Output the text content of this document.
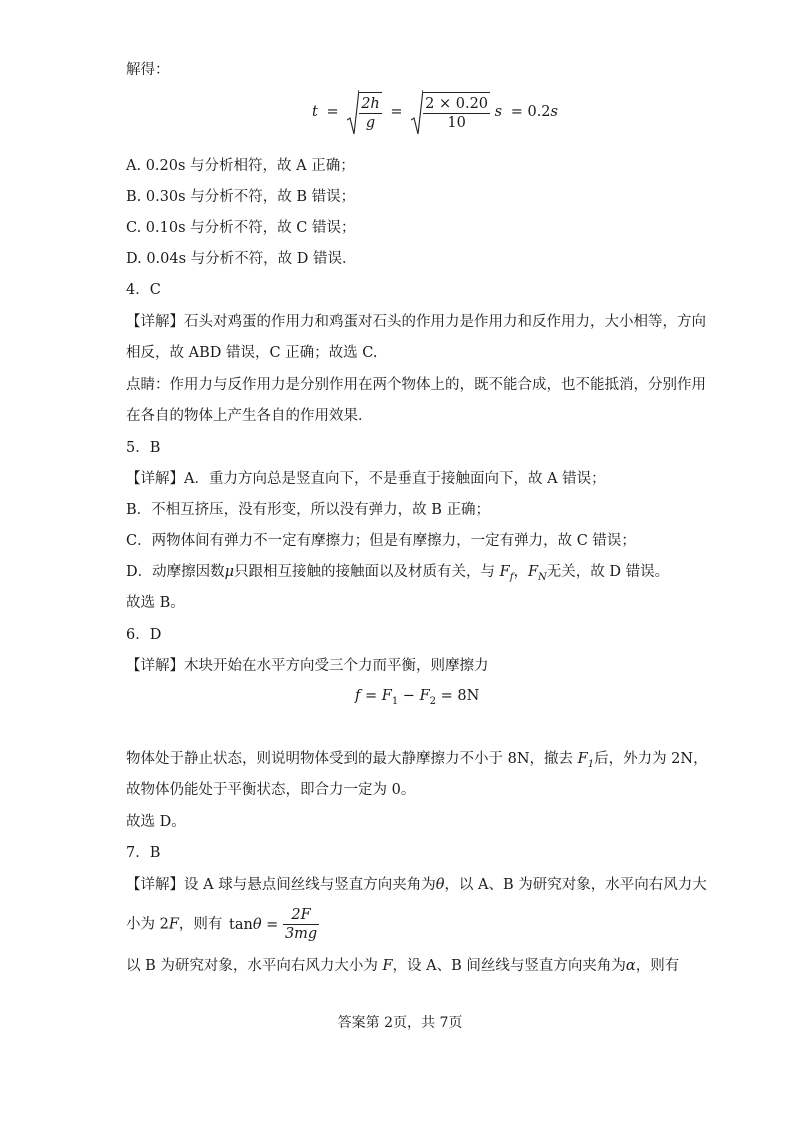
解得：
$t = \frac{2h}{g} = \frac{2 \times 0.20}{10}$ s = 0.2s
A. 0.20s 与分析相符，故 A 正确；
B. 0.30s 与分析不符，故 B 错误；
C. 0.10s 与分析不符，故 C 错误；
D. 0.04s 与分析不符，故 D 错误．
4．C
【详解】石头对鸡蛋的作用力和鸡蛋对石头的作用力是作用力和反作用力，大小相等，方向
相反，故 ABD 错误，C 正确；故选 C.
点睛：作用力与反作用力是分别作用在两个物体上的，既不能合成，也不能抵消，分别作用
在各自的物体上产生各自的作用效果．
5．B
【详解】A．重力方向总是竖直向下，不是垂直于接触面向下，故 A 错误；
B．不相互挤压，没有形变，所以没有弹力，故 B 正确；
C．两物体间有弹力不一定有摩擦力；但是有摩擦力，一定有弹力，故 C 错误；
D．动摩擦因数μ只跟相互接触的接触面以及材质有关，与 $F_f$，$F_N$无关，故 D 错误。
故选 B。
6．D
【详解】木块开始在水平方向受三个力而平衡，则摩擦力
$f = F_1 - F_2 = 8N$
物体处于静止状态，则说明物体受到的最大静摩擦力不小于 8N，撤去 $F_1$后，外力为 2N，
故物体仍能处于平衡状态，即合力一定为 0。
故选 D。
7．B
【详解】设 A 球与悬点间丝线与竖直方向夹角为θ，以 A、B 为研究对象，水平向右风力大
小为 2F，则有 $\tan\theta = \frac{2F}{3mg}$
以 B 为研究对象，水平向右风力大小为 F，设 A、B 间丝线与竖直方向夹角为α，则有
答案第 2页，共 7页
